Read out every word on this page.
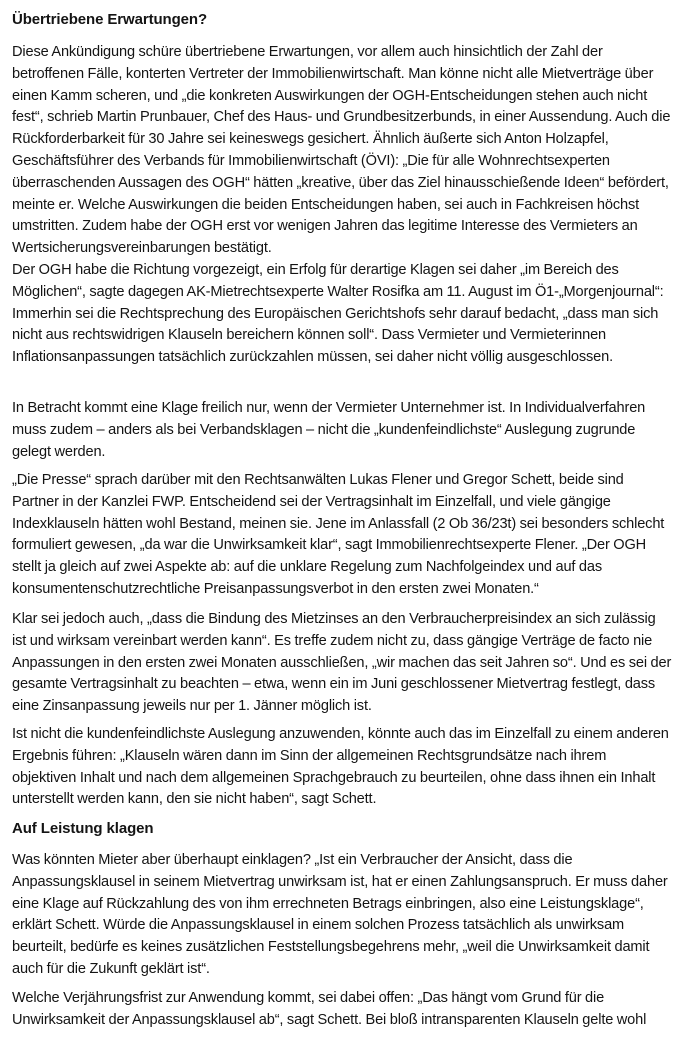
Übertriebene Erwartungen?

Diese Ankündigung schüre übertriebene Erwartungen, vor allem auch hinsichtlich der Zahl der betroffenen Fälle, konterten Vertreter der Immobilienwirtschaft. Man könne nicht alle Mietverträge über einen Kamm scheren, und „die konkreten Auswirkungen der OGH-Entscheidungen stehen auch nicht fest“, schrieb Martin Prunbauer, Chef des Haus- und Grundbesitzerbunds, in einer Aussendung. Auch die Rückforderbarkeit für 30 Jahre sei keineswegs gesichert. Ähnlich äußerte sich Anton Holzapfel, Geschäftsführer des Verbands für Immobilienwirtschaft (ÖVI): „Die für alle Wohnrechtsexperten überraschenden Aussagen des OGH“ hätten „kreative, über das Ziel hinausschießende Ideen“ befördert, meinte er. Welche Auswirkungen die beiden Entscheidungen haben, sei auch in Fachkreisen höchst umstritten. Zudem habe der OGH erst vor wenigen Jahren das legitime Interesse des Vermieters an Wertsicherungsvereinbarungen bestätigt.

Der OGH habe die Richtung vorgezeigt, ein Erfolg für derartige Klagen sei daher „im Bereich des Möglichen“, sagte dagegen AK-Mietrechtsexperte Walter Rosifka am 11. August im Ö1-„Morgenjournal“: Immerhin sei die Rechtsprechung des Europäischen Gerichtshofs sehr darauf bedacht, „dass man sich nicht aus rechtswidrigen Klauseln bereichern können soll“. Dass Vermieter und Vermieterinnen Inflationsanpassungen tatsächlich zurückzahlen müssen, sei daher nicht völlig ausgeschlossen.

In Betracht kommt eine Klage freilich nur, wenn der Vermieter Unternehmer ist. In Individualverfahren muss zudem – anders als bei Verbandsklagen – nicht die „kundenfeindlichste“ Auslegung zugrunde gelegt werden.

„Die Presse“ sprach darüber mit den Rechtsanwälten Lukas Flener und Gregor Schett, beide sind Partner in der Kanzlei FWP. Entscheidend sei der Vertragsinhalt im Einzelfall, und viele gängige Indexklauseln hätten wohl Bestand, meinen sie. Jene im Anlassfall (2 Ob 36/23t) sei besonders schlecht formuliert gewesen, „da war die Unwirksamkeit klar“, sagt Immobilienrechtsexperte Flener. „Der OGH stellt ja gleich auf zwei Aspekte ab: auf die unklare Regelung zum Nachfolgeindex und auf das konsumentenschutzrechtliche Preisanpassungsverbot in den ersten zwei Monaten.“

Klar sei jedoch auch, „dass die Bindung des Mietzinses an den Verbraucherpreisindex an sich zulässig ist und wirksam vereinbart werden kann“. Es treffe zudem nicht zu, dass gängige Verträge de facto nie Anpassungen in den ersten zwei Monaten ausschließen, „wir machen das seit Jahren so“. Und es sei der gesamte Vertragsinhalt zu beachten – etwa, wenn ein im Juni geschlossener Mietvertrag festlegt, dass eine Zinsanpassung jeweils nur per 1. Jänner möglich ist.

Ist nicht die kundenfeindlichste Auslegung anzuwenden, könnte auch das im Einzelfall zu einem anderen Ergebnis führen: „Klauseln wären dann im Sinn der allgemeinen Rechtsgrundsätze nach ihrem objektiven Inhalt und nach dem allgemeinen Sprachgebrauch zu beurteilen, ohne dass ihnen ein Inhalt unterstellt werden kann, den sie nicht haben“, sagt Schett.

Auf Leistung klagen

Was könnten Mieter aber überhaupt einklagen? „Ist ein Verbraucher der Ansicht, dass die Anpassungsklausel in seinem Mietvertrag unwirksam ist, hat er einen Zahlungsanspruch. Er muss daher eine Klage auf Rückzahlung des von ihm errechneten Betrags einbringen, also eine Leistungsklage“, erklärt Schett. Würde die Anpassungsklausel in einem solchen Prozess tatsächlich als unwirksam beurteilt, bedürfe es keines zusätzlichen Feststellungsbegehrens mehr, „weil die Unwirksamkeit damit auch für die Zukunft geklärt ist“.

Welche Verjährungsfrist zur Anwendung kommt, sei dabei offen: „Das hängt vom Grund für die Unwirksamkeit der Anpassungsklausel ab“, sagt Schett. Bei bloß intransparenten Klauseln gelte wohl
